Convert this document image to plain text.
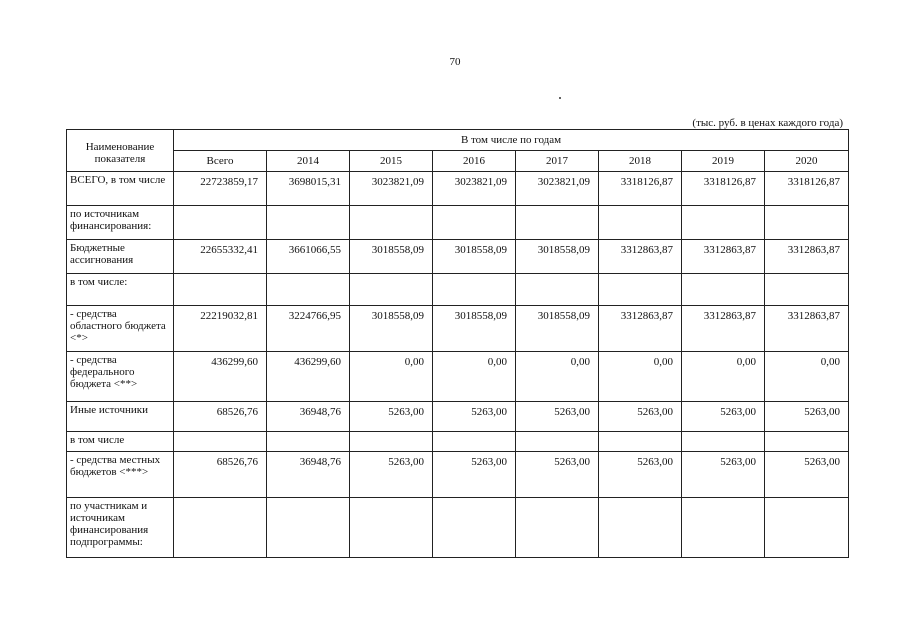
70
(тыс. руб. в ценах каждого года)
Наименование показателя	В том числе по годам							
	Всего	2014	2015	2016	2017	2018	2019	2020
ВСЕГО, в том числе	22723859,17	3698015,31	3023821,09	3023821,09	3023821,09	3318126,87	3318126,87	3318126,87
по источникам финансирования:								
Бюджетные ассигнования	22655332,41	3661066,55	3018558,09	3018558,09	3018558,09	3312863,87	3312863,87	3312863,87
в том числе:								
- средства областного бюджета <*>	22219032,81	3224766,95	3018558,09	3018558,09	3018558,09	3312863,87	3312863,87	3312863,87
- средства федерального бюджета <**>	436299,60	436299,60	0,00	0,00	0,00	0,00	0,00	0,00
Иные источники	68526,76	36948,76	5263,00	5263,00	5263,00	5263,00	5263,00	5263,00
в том числе								
- средства местных бюджетов <***>	68526,76	36948,76	5263,00	5263,00	5263,00	5263,00	5263,00	5263,00
по участникам и источникам финансирования подпрограммы:								
